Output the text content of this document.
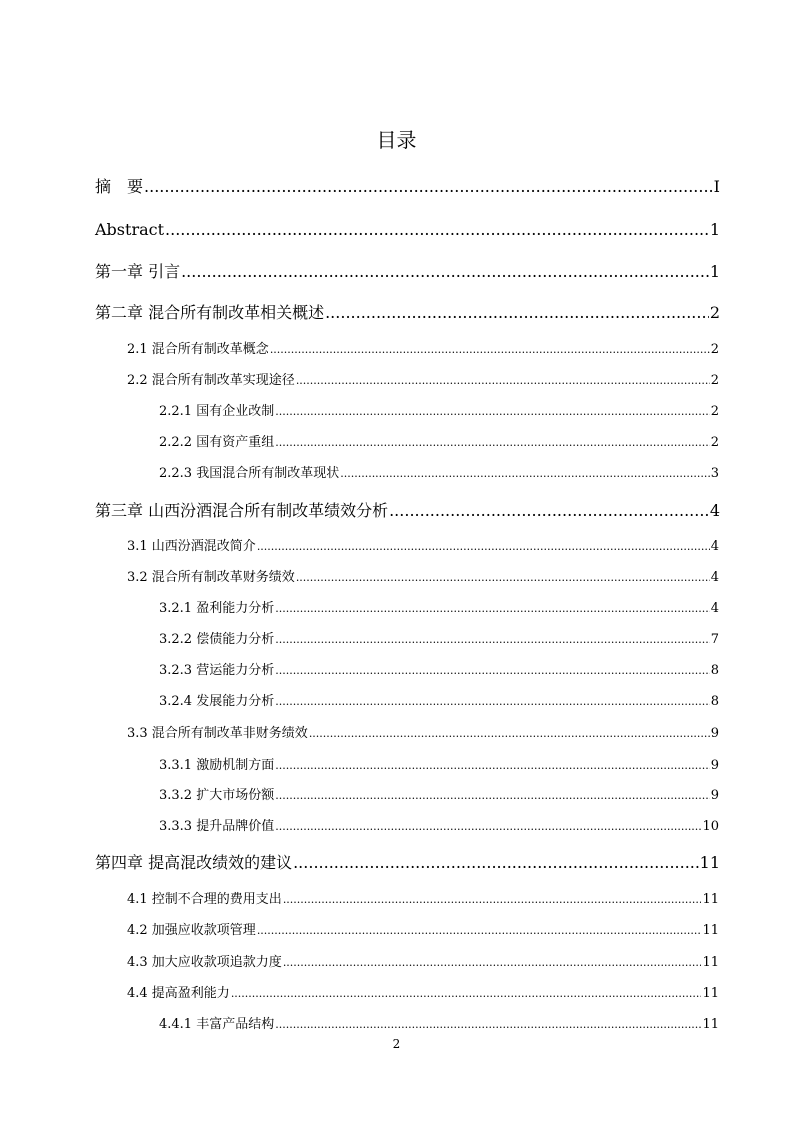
目录
摘　要 .....	I
Abstract .....	1
第一章 引言 .....	1
第二章 混合所有制改革相关概述 .....	2
2.1 混合所有制改革概念 .....	2
2.2 混合所有制改革实现途径 .....	2
2.2.1 国有企业改制 .....	2
2.2.2 国有资产重组 .....	2
2.2.3 我国混合所有制改革现状 .....	3
第三章 山西汾酒混合所有制改革绩效分析 .....	4
3.1 山西汾酒混改简介 .....	4
3.2 混合所有制改革财务绩效 .....	4
3.2.1 盈利能力分析 .....	4
3.2.2 偿债能力分析 .....	7
3.2.3 营运能力分析 .....	8
3.2.4 发展能力分析 .....	8
3.3 混合所有制改革非财务绩效 .....	9
3.3.1 激励机制方面 .....	9
3.3.2 扩大市场份额 .....	9
3.3.3 提升品牌价值 .....	10
第四章 提高混改绩效的建议 .....	11
4.1 控制不合理的费用支出 .....	11
4.2 加强应收款项管理 .....	11
4.3 加大应收款项追款力度 .....	11
4.4 提高盈利能力 .....	11
4.4.1 丰富产品结构 .....	11
2
